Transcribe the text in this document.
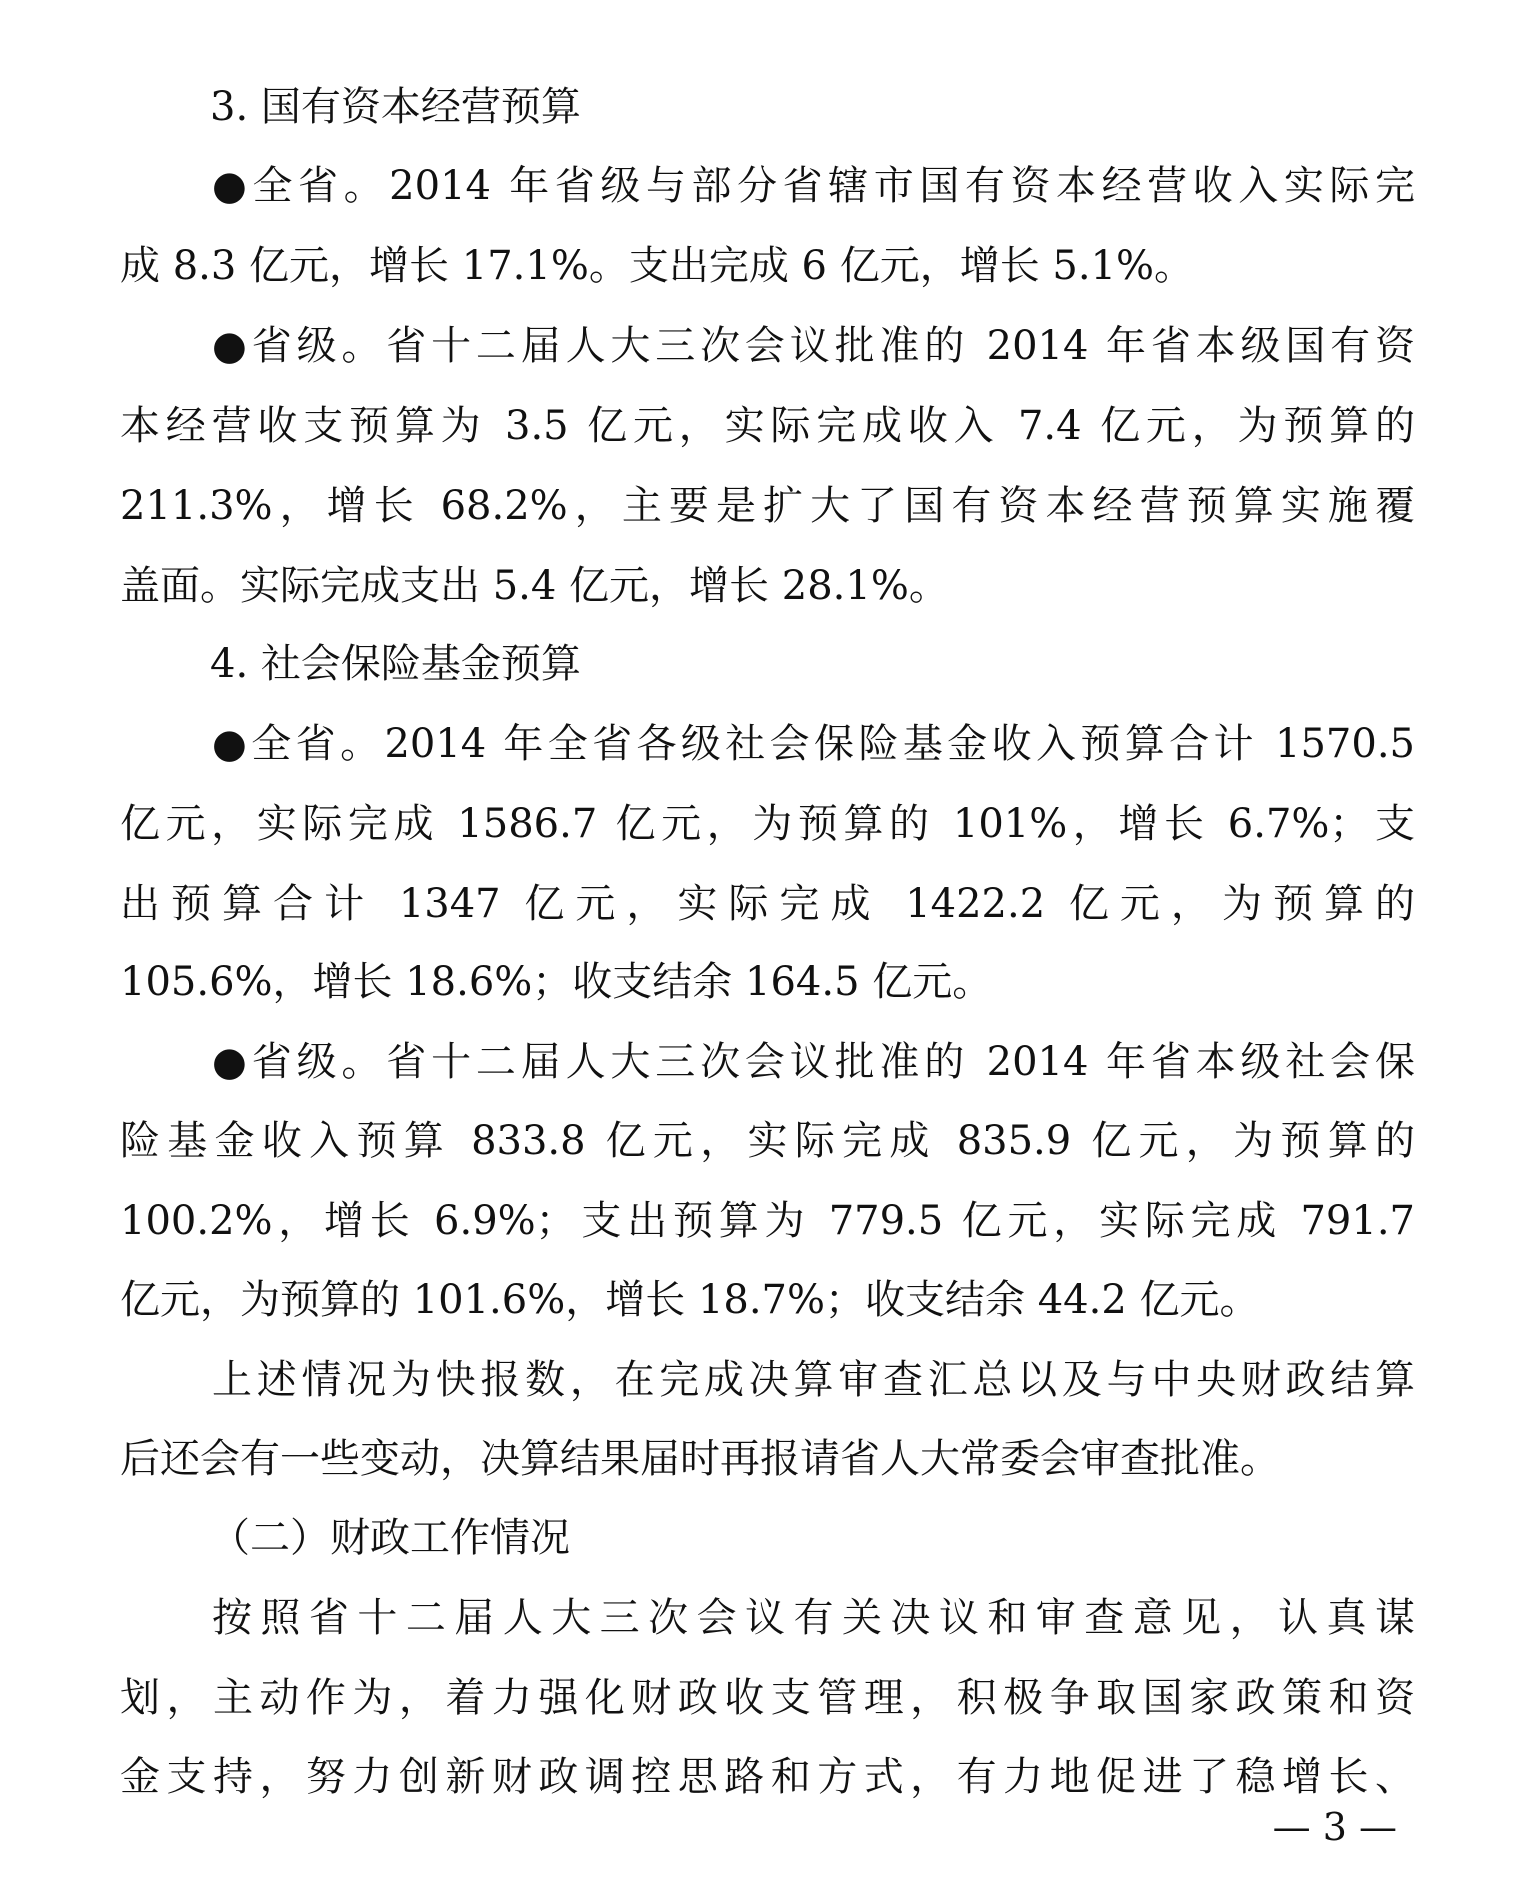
3. 国有资本经营预算
●全省。2014 年省级与部分省辖市国有资本经营收入实际完
成 8.3 亿元，增长 17.1%。支出完成 6 亿元，增长 5.1%。
●省级。省十二届人大三次会议批准的 2014 年省本级国有资
本经营收支预算为 3.5 亿元，实际完成收入 7.4 亿元，为预算的
211.3%，增长 68.2%，主要是扩大了国有资本经营预算实施覆
盖面。实际完成支出 5.4 亿元，增长 28.1%。
4. 社会保险基金预算
●全省。2014 年全省各级社会保险基金收入预算合计 1570.5
亿元，实际完成 1586.7 亿元，为预算的 101%，增长 6.7%；支
出预算合计 1347 亿元，实际完成 1422.2 亿元，为预算的
105.6%，增长 18.6%；收支结余 164.5 亿元。
●省级。省十二届人大三次会议批准的 2014 年省本级社会保
险基金收入预算 833.8 亿元，实际完成 835.9 亿元，为预算的
100.2%，增长 6.9%；支出预算为 779.5 亿元，实际完成 791.7
亿元，为预算的 101.6%，增长 18.7%；收支结余 44.2 亿元。
上述情况为快报数，在完成决算审查汇总以及与中央财政结算
后还会有一些变动，决算结果届时再报请省人大常委会审查批准。
（二）财政工作情况
按照省十二届人大三次会议有关决议和审查意见，认真谋
划，主动作为，着力强化财政收支管理，积极争取国家政策和资
金支持，努力创新财政调控思路和方式，有力地促进了稳增长、
— 3 —
